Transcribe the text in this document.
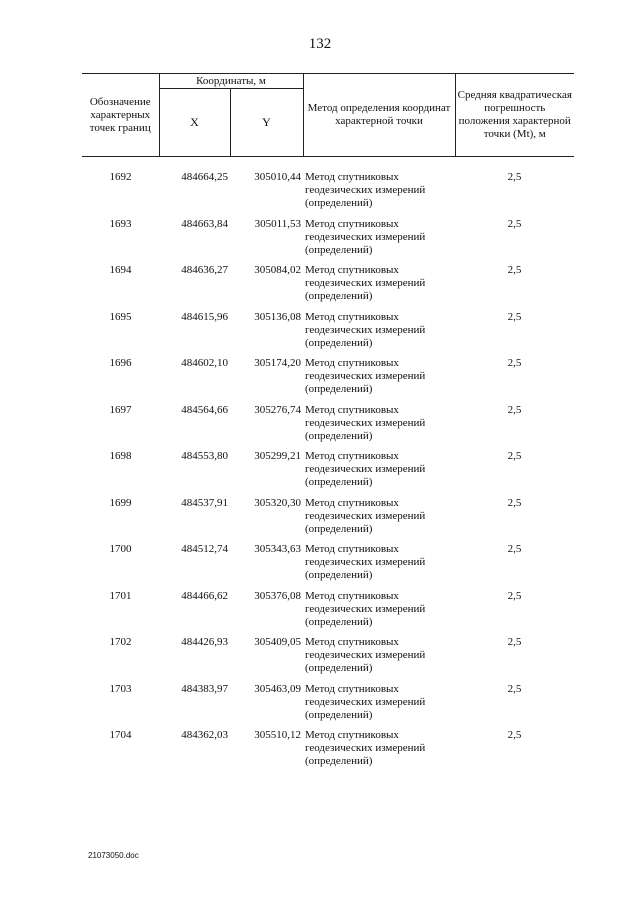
132
Обозначение характерных точек границ	Координаты, м		Метод определения координат характерной точки	Средняя квадратическая погрешность положения характерной точки (Мt), м
	X	Y		
1692	484664,25	305010,44	Метод спутниковых геодезических измерений (определений)	2,5
1693	484663,84	305011,53	Метод спутниковых геодезических измерений (определений)	2,5
1694	484636,27	305084,02	Метод спутниковых геодезических измерений (определений)	2,5
1695	484615,96	305136,08	Метод спутниковых геодезических измерений (определений)	2,5
1696	484602,10	305174,20	Метод спутниковых геодезических измерений (определений)	2,5
1697	484564,66	305276,74	Метод спутниковых геодезических измерений (определений)	2,5
1698	484553,80	305299,21	Метод спутниковых геодезических измерений (определений)	2,5
1699	484537,91	305320,30	Метод спутниковых геодезических измерений (определений)	2,5
1700	484512,74	305343,63	Метод спутниковых геодезических измерений (определений)	2,5
1701	484466,62	305376,08	Метод спутниковых геодезических измерений (определений)	2,5
1702	484426,93	305409,05	Метод спутниковых геодезических измерений (определений)	2,5
1703	484383,97	305463,09	Метод спутниковых геодезических измерений (определений)	2,5
1704	484362,03	305510,12	Метод спутниковых геодезических измерений (определений)	2,5
21073050.doc
